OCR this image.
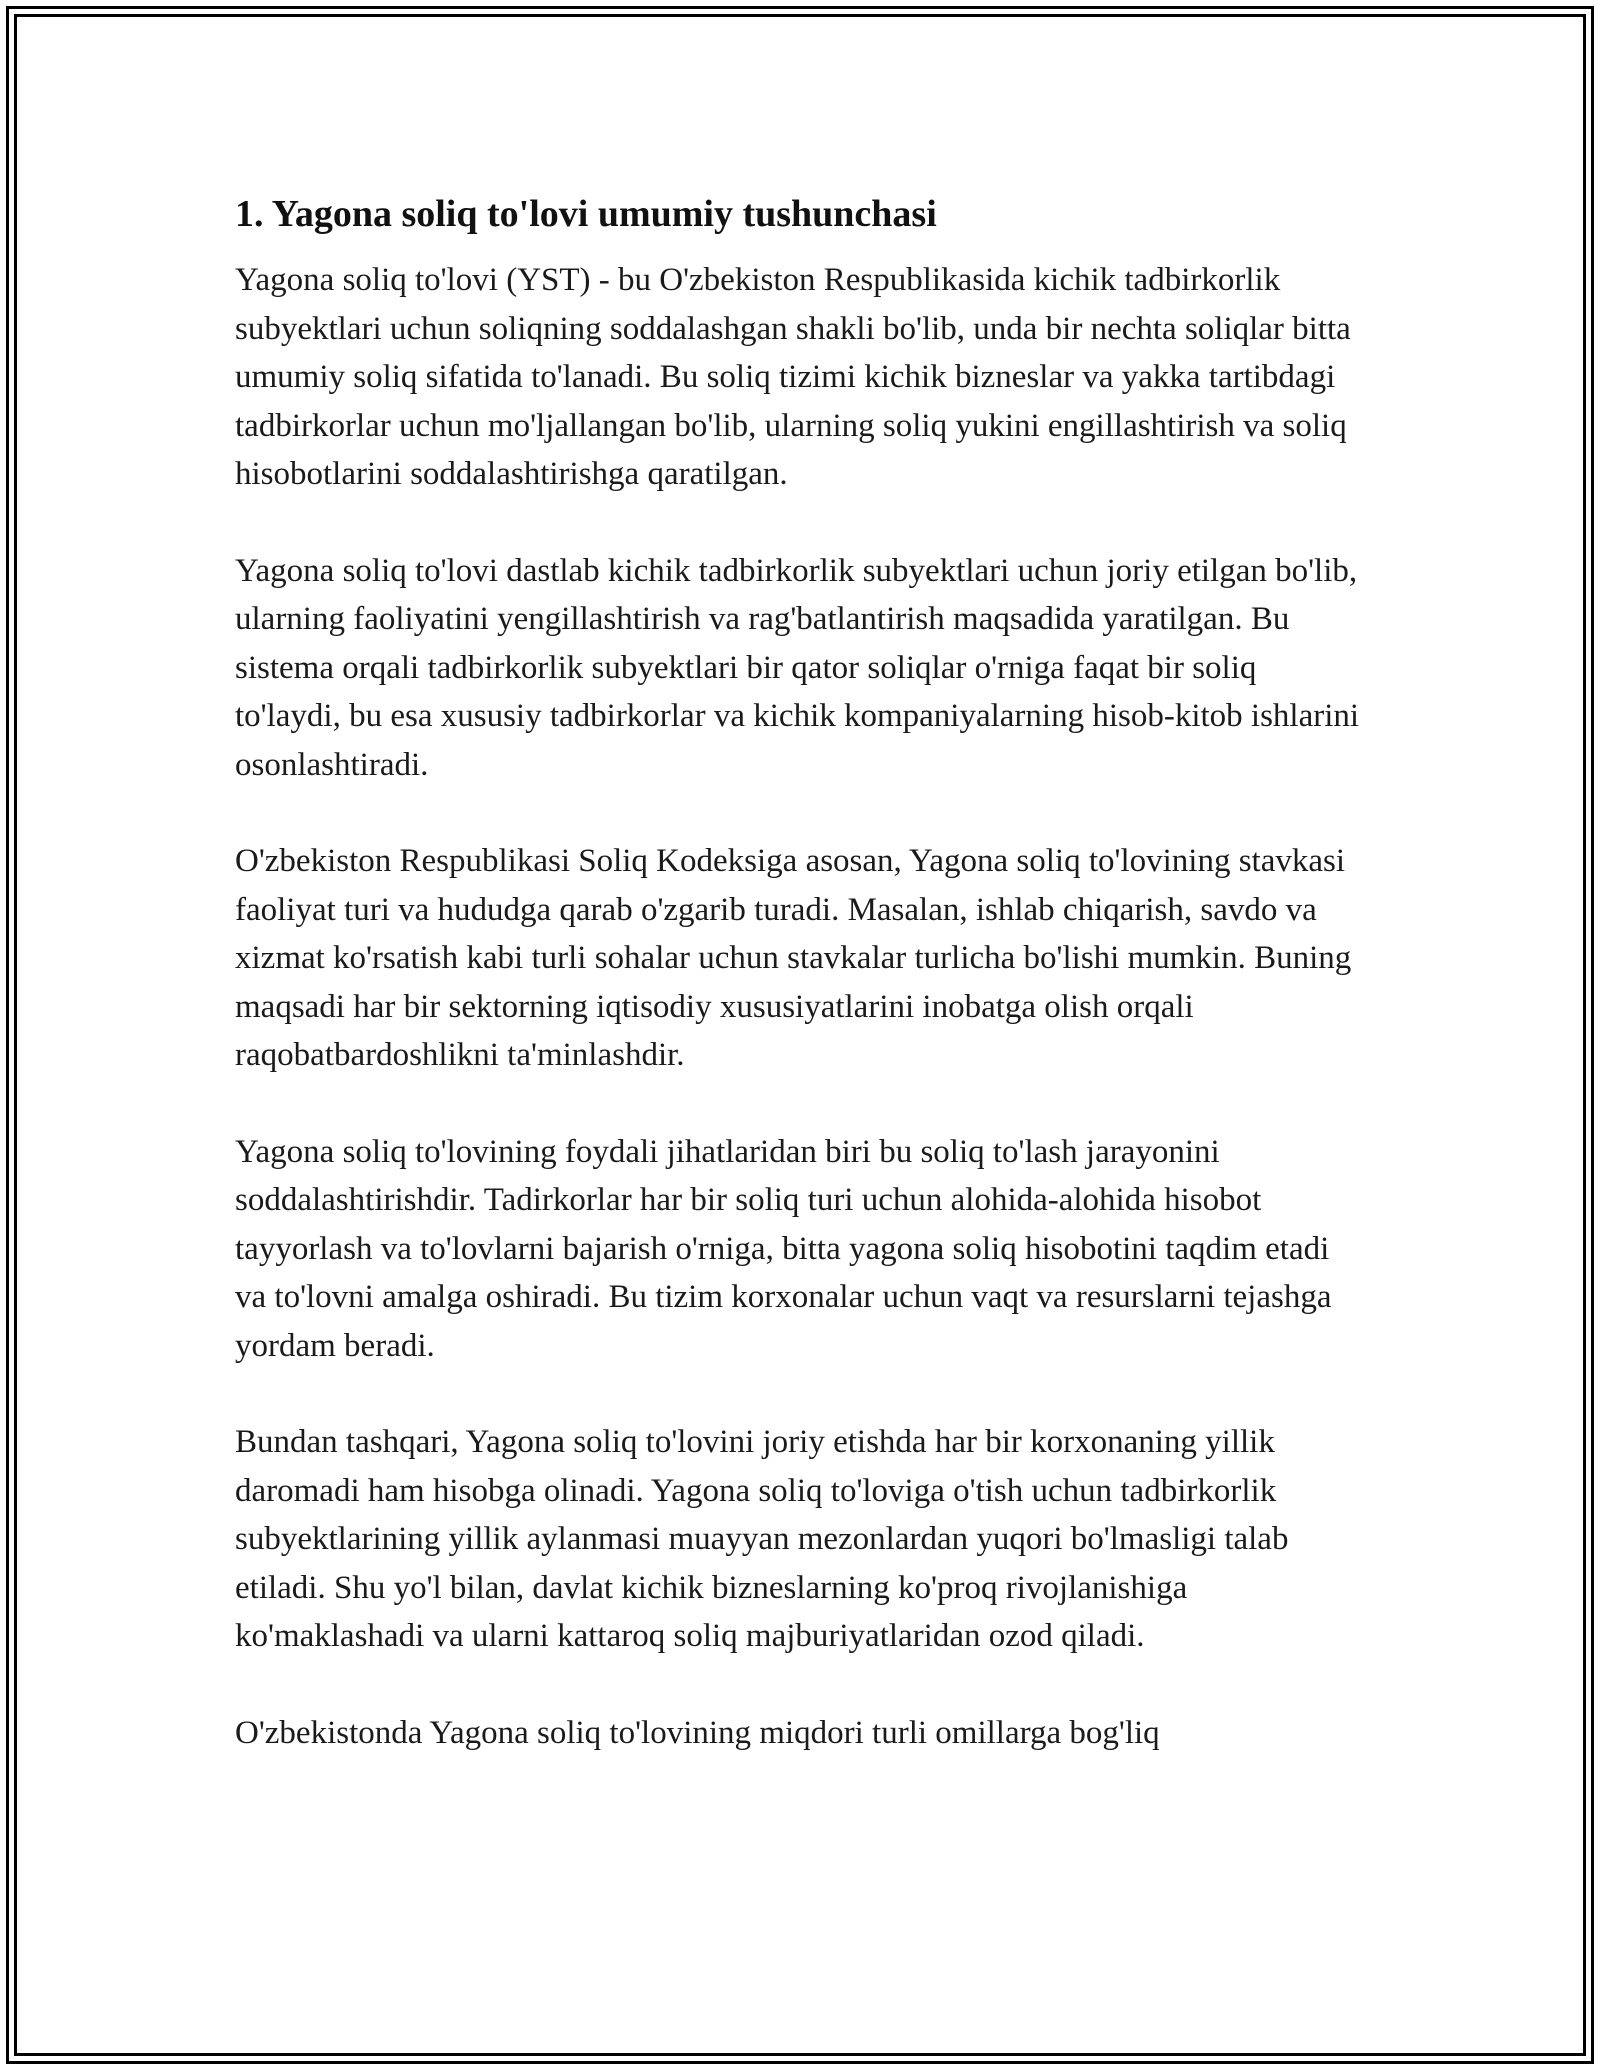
1. Yagona soliq to'lovi umumiy tushunchasi

Yagona soliq to'lovi (YST) - bu O'zbekiston Respublikasida kichik tadbirkorlik subyektlari uchun soliqning soddalashgan shakli bo'lib, unda bir nechta soliqlar bitta umumiy soliq sifatida to'lanadi. Bu soliq tizimi kichik bizneslar va yakka tartibdagi tadbirkorlar uchun mo'ljallangan bo'lib, ularning soliq yukini engillashtirish va soliq hisobotlarini soddalashtirishga qaratilgan.

Yagona soliq to'lovi dastlab kichik tadbirkorlik subyektlari uchun joriy etilgan bo'lib, ularning faoliyatini yengillashtirish va rag'batlantirish maqsadida yaratilgan. Bu sistema orqali tadbirkorlik subyektlari bir qator soliqlar o'rniga faqat bir soliq to'laydi, bu esa xususiy tadbirkorlar va kichik kompaniyalarning hisob-kitob ishlarini osonlashtiradi.

O'zbekiston Respublikasi Soliq Kodeksiga asosan, Yagona soliq to'lovining stavkasi faoliyat turi va hududga qarab o'zgarib turadi. Masalan, ishlab chiqarish, savdo va xizmat ko'rsatish kabi turli sohalar uchun stavkalar turlicha bo'lishi mumkin. Buning maqsadi har bir sektorning iqtisodiy xususiyatlarini inobatga olish orqali raqobatbardoshlikni ta'minlashdir.

Yagona soliq to'lovining foydali jihatlaridan biri bu soliq to'lash jarayonini soddalashtirishdir. Tadirkorlar har bir soliq turi uchun alohida-alohida hisobot tayyorlash va to'lovlarni bajarish o'rniga, bitta yagona soliq hisobotini taqdim etadi va to'lovni amalga oshiradi. Bu tizim korxonalar uchun vaqt va resurslarni tejashga yordam beradi.

Bundan tashqari, Yagona soliq to'lovini joriy etishda har bir korxonaning yillik daromadi ham hisobga olinadi. Yagona soliq to'loviga o'tish uchun tadbirkorlik subyektlarining yillik aylanmasi muayyan mezonlardan yuqori bo'lmasligi talab etiladi. Shu yo'l bilan, davlat kichik bizneslarning ko'proq rivojlanishiga ko'maklashadi va ularni kattaroq soliq majburiyatlaridan ozod qiladi.

O'zbekistonda Yagona soliq to'lovining miqdori turli omillarga bog'liq
